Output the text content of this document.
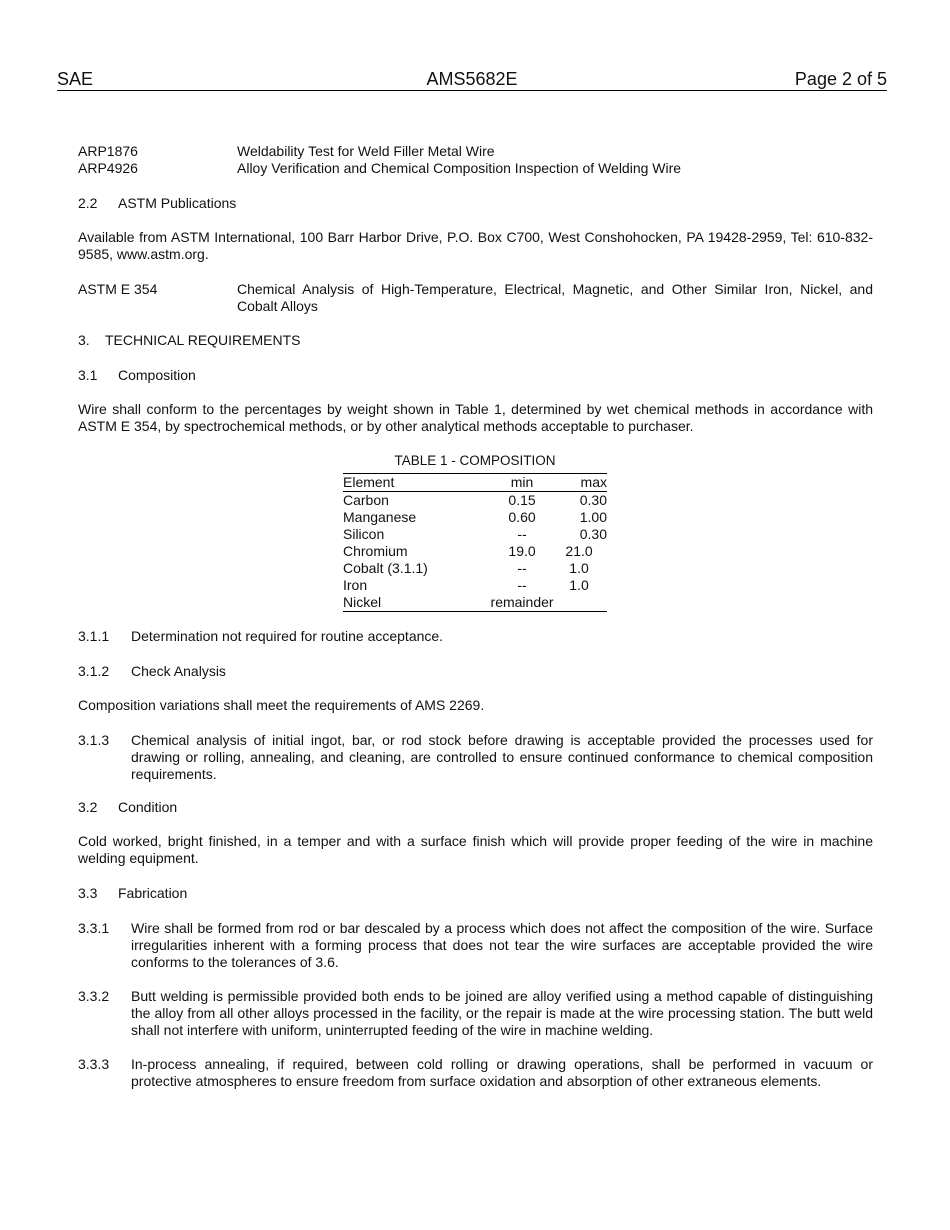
SAE	AMS5682E	Page 2 of 5
ARP1876	Weldability Test for Weld Filler Metal Wire
ARP4926	Alloy Verification and Chemical Composition Inspection of Welding Wire
2.2 ASTM Publications
Available from ASTM International, 100 Barr Harbor Drive, P.O. Box C700, West Conshohocken, PA 19428-2959, Tel: 610-832-9585, www.astm.org.
ASTM E 354	Chemical Analysis of High-Temperature, Electrical, Magnetic, and Other Similar Iron, Nickel, and Cobalt Alloys
3. TECHNICAL REQUIREMENTS
3.1 Composition
Wire shall conform to the percentages by weight shown in Table 1, determined by wet chemical methods in accordance with ASTM E 354, by spectrochemical methods, or by other analytical methods acceptable to purchaser.
TABLE 1 - COMPOSITION
Element	min	max
Carbon	0.15	0.30
Manganese	0.60	1.00
Silicon	--	0.30
Chromium	19.0	21.0
Cobalt (3.1.1)	--	1.0
Iron	--	1.0
Nickel	remainder	
3.1.1 Determination not required for routine acceptance.
3.1.2 Check Analysis
Composition variations shall meet the requirements of AMS 2269.
3.1.3 Chemical analysis of initial ingot, bar, or rod stock before drawing is acceptable provided the processes used for drawing or rolling, annealing, and cleaning, are controlled to ensure continued conformance to chemical composition requirements.
3.2 Condition
Cold worked, bright finished, in a temper and with a surface finish which will provide proper feeding of the wire in machine welding equipment.
3.3 Fabrication
3.3.1 Wire shall be formed from rod or bar descaled by a process which does not affect the composition of the wire. Surface irregularities inherent with a forming process that does not tear the wire surfaces are acceptable provided the wire conforms to the tolerances of 3.6.
3.3.2 Butt welding is permissible provided both ends to be joined are alloy verified using a method capable of distinguishing the alloy from all other alloys processed in the facility, or the repair is made at the wire processing station. The butt weld shall not interfere with uniform, uninterrupted feeding of the wire in machine welding.
3.3.3 In-process annealing, if required, between cold rolling or drawing operations, shall be performed in vacuum or protective atmospheres to ensure freedom from surface oxidation and absorption of other extraneous elements.
